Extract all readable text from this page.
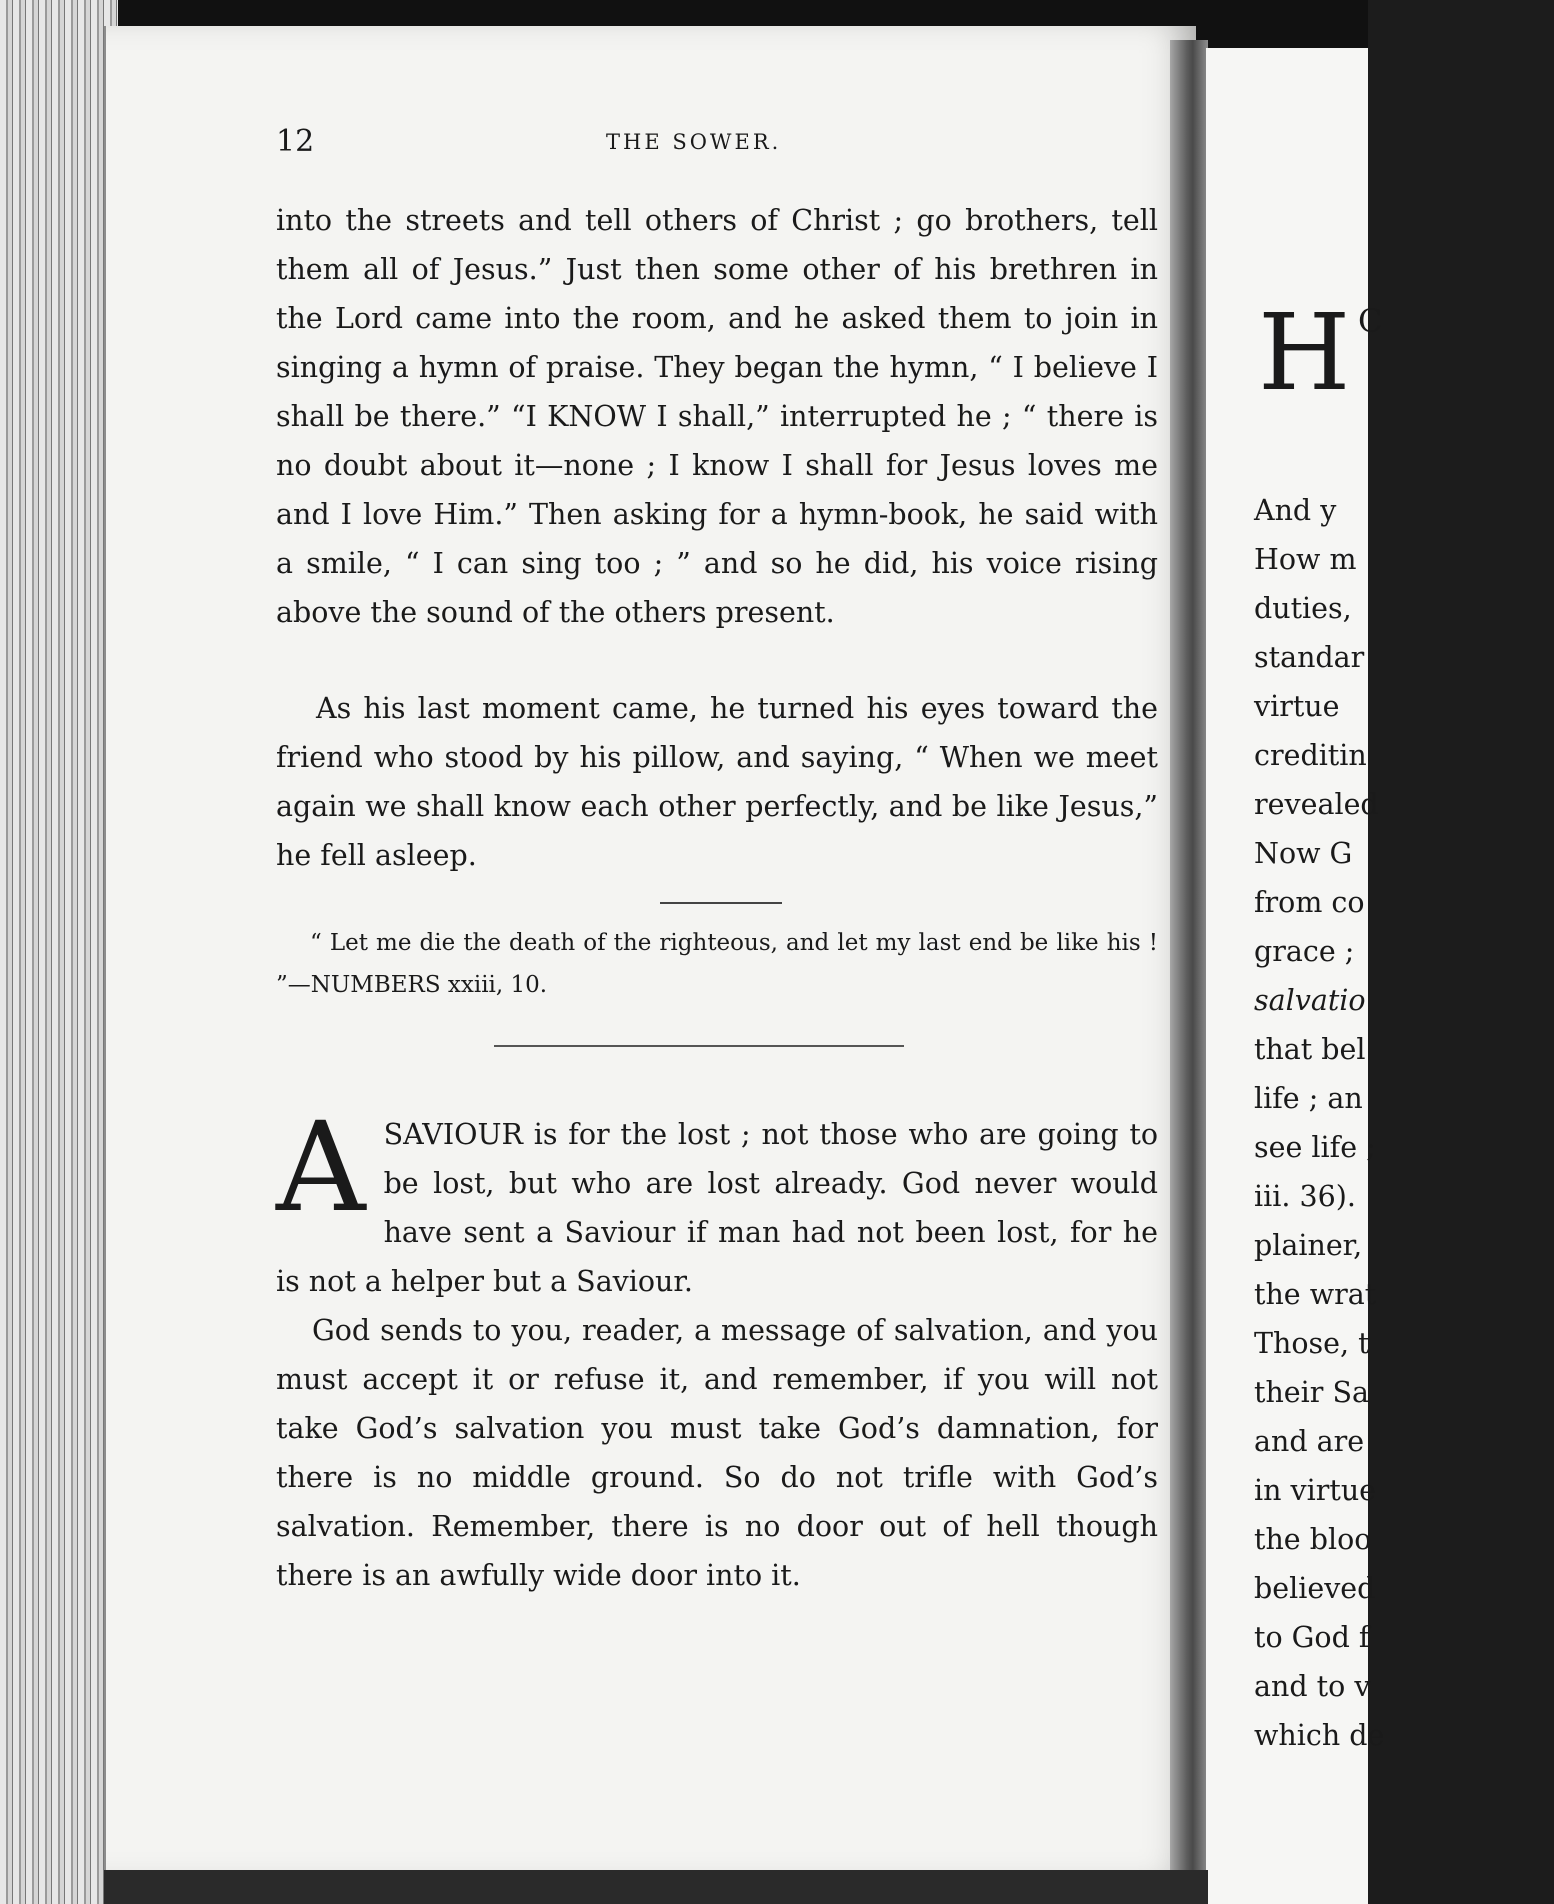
H C
And y
How m
duties,
standar
virtue
creditin
revealed
Now G
from co
grace ;
salvatio
that bel
life ; an
see life ;
iii. 36).
plainer,
the wrat
Those, t
their Sa
and are
in virtue
the bloo
believed
to God f
and to v
which de
12	THE SOWER.

into the streets and tell others of Christ ; go brothers, tell them all of Jesus.” Just then some other of his brethren in the Lord came into the room, and he asked them to join in singing a hymn of praise. They began the hymn, “ I believe I shall be there.” “I KNOW I shall,” interrupted he ; “ there is no doubt about it—none ; I know I shall for Jesus loves me and I love Him.” Then asking for a hymn-book, he said with a smile, “ I can sing too ; ” and so he did, his voice rising above the sound of the others present.

As his last moment came, he turned his eyes toward the friend who stood by his pillow, and saying, “ When we meet again we shall know each other perfectly, and be like Jesus,” he fell asleep.

“ Let me die the death of the righteous, and let my last end be like his ! ”—NUMBERS xxiii, 10.

ASAVIOUR is for the lost ; not those who are going to be lost, but who are lost already. God never would have sent a Saviour if man had not been lost, for he is not a helper but a Saviour.

God sends to you, reader, a message of salvation, and you must accept it or refuse it, and remember, if you will not take God’s salvation you must take God’s damnation, for there is no middle ground. So do not trifle with God’s salvation. Remember, there is no door out of hell though there is an awfully wide door into it.
